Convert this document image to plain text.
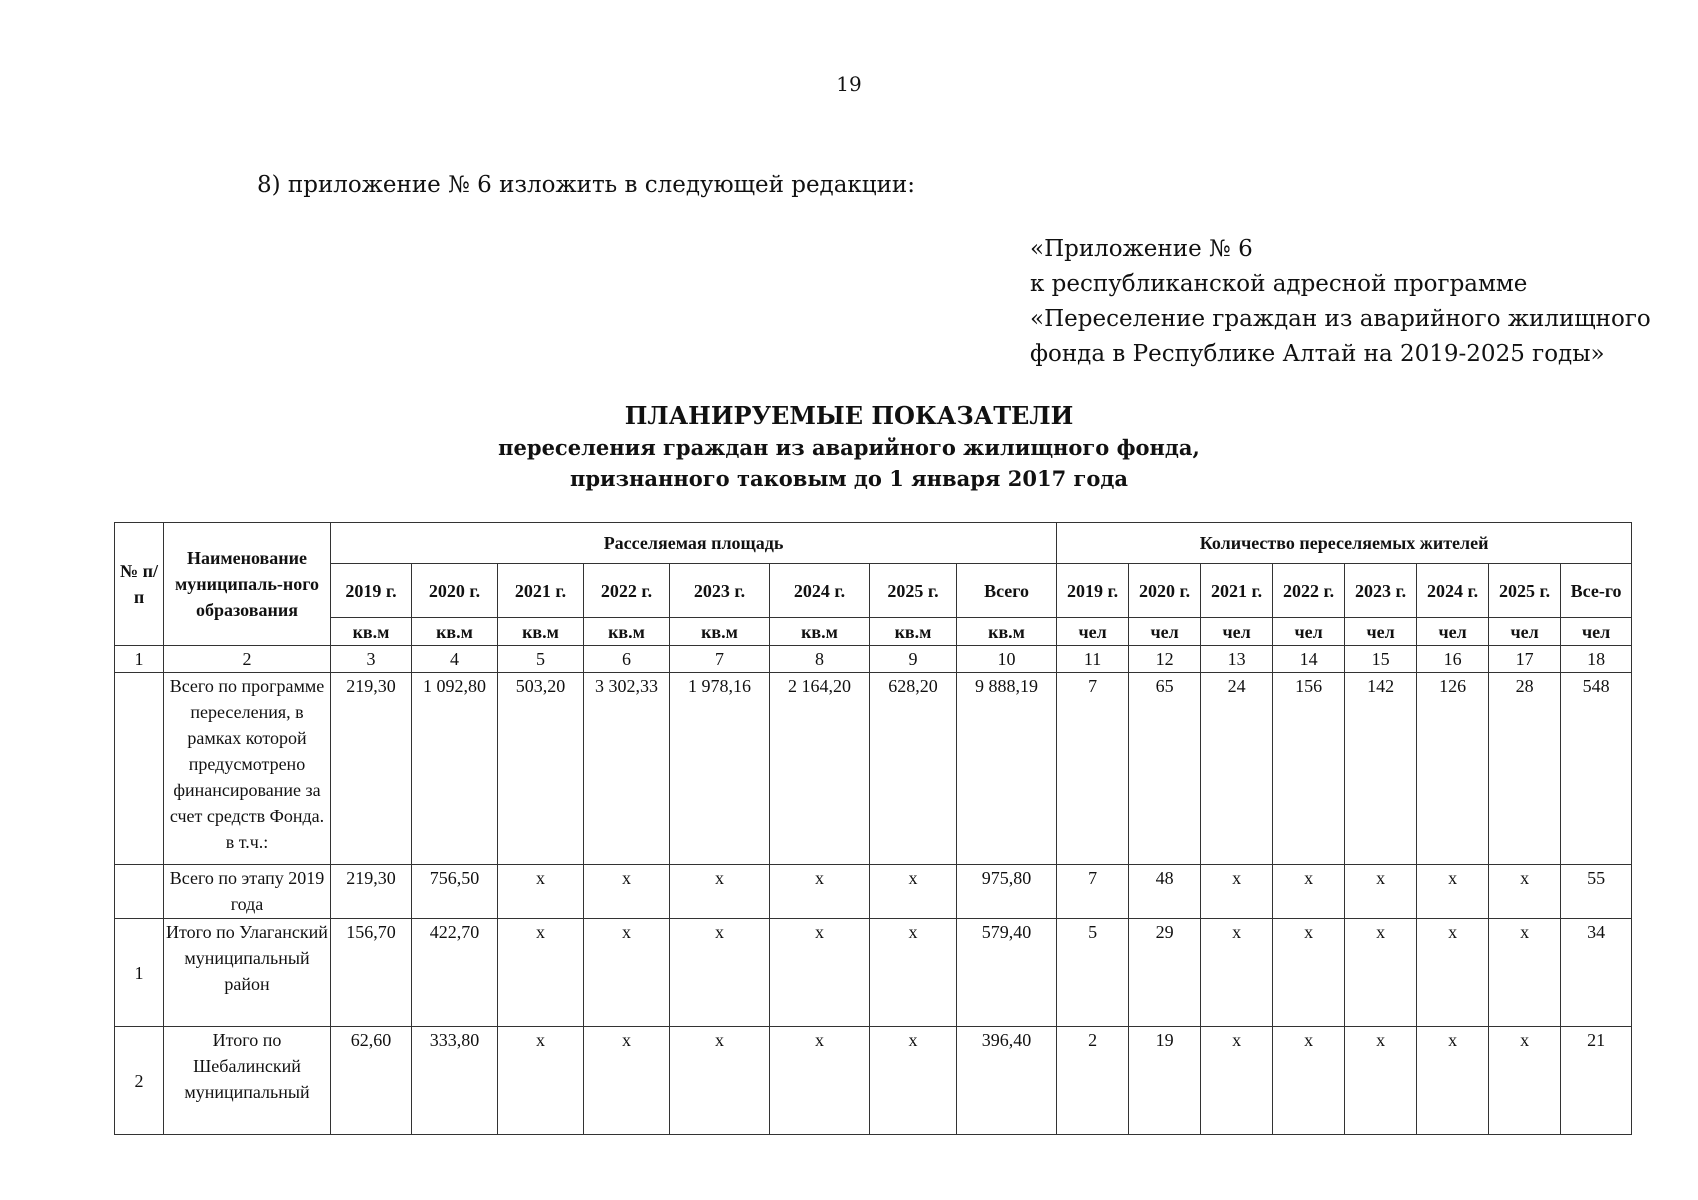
19
8) приложение № 6 изложить в следующей редакции:
«Приложение № 6
к республиканской адресной программе
«Переселение граждан из аварийного жилищного
фонда в Республике Алтай на 2019-2025 годы»
ПЛАНИРУЕМЫЕ ПОКАЗАТЕЛИ
переселения граждан из аварийного жилищного фонда,
признанного таковым до 1 января 2017 года
№ п/ п	Наименование муниципаль-ного образования	Расселяемая площадь								Количество переселяемых жителей							
		2019 г.	2020 г.	2021 г.	2022 г.	2023 г.	2024 г.	2025 г.	Всего	2019 г.	2020 г.	2021 г.	2022 г.	2023 г.	2024 г.	2025 г.	Все-го
		кв.м	кв.м	кв.м	кв.м	кв.м	кв.м	кв.м	кв.м	чел	чел	чел	чел	чел	чел	чел	чел
1	2	3	4	5	6	7	8	9	10	11	12	13	14	15	16	17	18
	Всего по программе переселения, в рамках которой предусмотрено финансирование за счет средств Фонда. в т.ч.:	219,30	1 092,80	503,20	3 302,33	1 978,16	2 164,20	628,20	9 888,19	7	65	24	156	142	126	28	548
	Всего по этапу 2019 года	219,30	756,50	x	x	x	x	x	975,80	7	48	x	x	x	x	x	55
1	Итого по Улаганский муниципальный район	156,70	422,70	x	x	x	x	x	579,40	5	29	x	x	x	x	x	34
2	Итого по Шебалинский муниципальный	62,60	333,80	x	x	x	x	x	396,40	2	19	x	x	x	x	x	21
